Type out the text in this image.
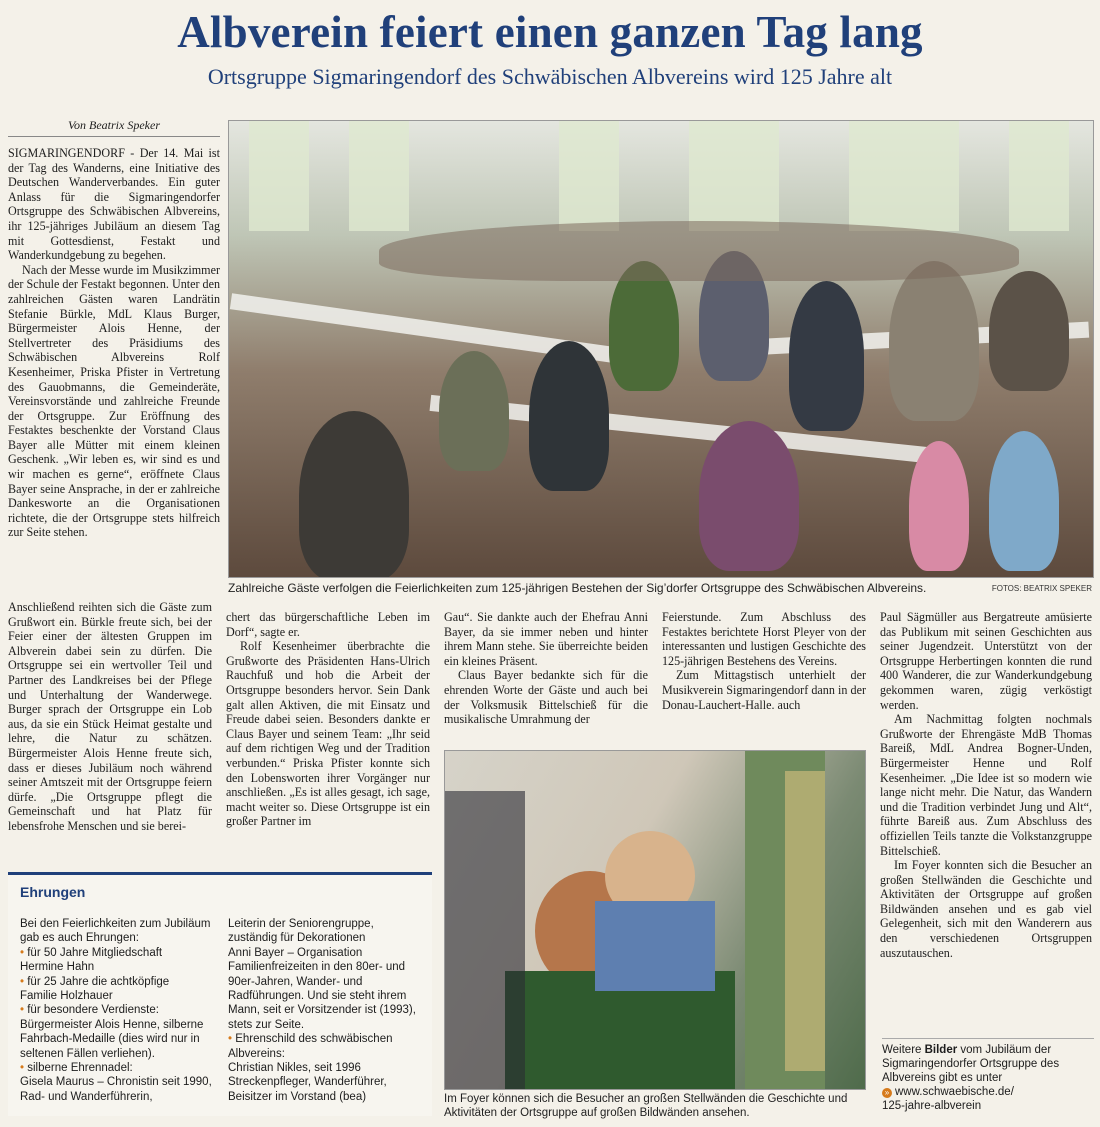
Albverein feiert einen ganzen Tag lang
Ortsgruppe Sigmaringendorf des Schwäbischen Albvereins wird 125 Jahre alt
Von Beatrix Speker

SIGMARINGENDORF - Der 14. Mai ist der Tag des Wanderns, eine Initiative des Deutschen Wanderverbandes. Ein guter Anlass für die Sigmaringendorfer Ortsgruppe des Schwäbischen Albvereins, ihr 125-jähriges Jubiläum an diesem Tag mit Gottesdienst, Festakt und Wanderkundgebung zu begehen.

Nach der Messe wurde im Musikzimmer der Schule der Festakt begonnen. Unter den zahlreichen Gästen waren Landrätin Stefanie Bürkle, MdL Klaus Burger, Bürgermeister Alois Henne, der Stellvertreter des Präsidiums des Schwäbischen Albvereins Rolf Kesenheimer, Priska Pfister in Vertretung des Gauobmanns, die Gemeinderäte, Vereinsvorstände und zahlreiche Freunde der Ortsgruppe. Zur Eröffnung des Festaktes beschenkte der Vorstand Claus Bayer alle Mütter mit einem kleinen Geschenk. „Wir leben es, wir sind es und wir machen es gerne“, eröffnete Claus Bayer seine Ansprache, in der er zahlreiche Dankesworte an die Organisationen richtete, die der Ortsgruppe stets hilfreich zur Seite stehen.

Zahlreiche Gäste verfolgen die Feierlichkeiten zum 125-jährigen Bestehen der Sig’dorfer Ortsgruppe des Schwäbischen Albvereins.	FOTOS: BEATRIX SPEKER

Anschließend reihten sich die Gäste zum Grußwort ein. Bürkle freute sich, bei der Feier einer der ältesten Gruppen im Albverein dabei sein zu dürfen. Die Ortsgruppe sei ein wertvoller Teil und Partner des Landkreises bei der Pflege und Unterhaltung der Wanderwege. Burger sprach der Ortsgruppe ein Lob aus, da sie ein Stück Heimat gestalte und lehre, die Natur zu schätzen. Bürgermeister Alois Henne freute sich, dass er dieses Jubiläum noch während seiner Amtszeit mit der Ortsgruppe feiern dürfe. „Die Ortsgruppe pflegt die Gemeinschaft und hat Platz für lebensfrohe Menschen und sie berei-

chert das bürgerschaftliche Leben im Dorf“, sagte er.

Rolf Kesenheimer überbrachte die Grußworte des Präsidenten Hans-Ulrich Rauchfuß und hob die Arbeit der Ortsgruppe besonders hervor. Sein Dank galt allen Aktiven, die mit Einsatz und Freude dabei seien. Besonders dankte er Claus Bayer und seinem Team: „Ihr seid auf dem richtigen Weg und der Tradition verbunden.“ Priska Pfister konnte sich den Lobensworten ihrer Vorgänger nur anschließen. „Es ist alles gesagt, ich sage, macht weiter so. Diese Ortsgruppe ist ein großer Partner im

Gau“. Sie dankte auch der Ehefrau Anni Bayer, da sie immer neben und hinter ihrem Mann stehe. Sie überreichte beiden ein kleines Präsent.

Claus Bayer bedankte sich für die ehrenden Worte der Gäste und auch bei der Volksmusik Bittelschieß für die musikalische Umrahmung der

Feierstunde. Zum Abschluss des Festaktes berichtete Horst Pleyer von der interessanten und lustigen Geschichte des 125-jährigen Bestehens des Vereins.

Zum Mittagstisch unterhielt der Musikverein Sigmaringendorf dann in der Donau-Lauchert-Halle. auch

Paul Sägmüller aus Bergatreute amüsierte das Publikum mit seinen Geschichten aus seiner Jugendzeit. Unterstützt von der Ortsgruppe Herbertingen konnten die rund 400 Wanderer, die zur Wanderkundgebung gekommen waren, zügig verköstigt werden.

Am Nachmittag folgten nochmals Grußworte der Ehrengäste MdB Thomas Bareiß, MdL Andrea Bogner-Unden, Bürgermeister Henne und Rolf Kesenheimer. „Die Idee ist so modern wie lange nicht mehr. Die Natur, das Wandern und die Tradition verbindet Jung und Alt“, führte Bareiß aus. Zum Abschluss des offiziellen Teils tanzte die Volkstanzgruppe Bittelschieß.

Im Foyer konnten sich die Besucher an großen Stellwänden die Geschichte und Aktivitäten der Ortsgruppe auf großen Bildwänden ansehen und es gab viel Gelegenheit, sich mit den Wanderern aus den verschiedenen Ortsgruppen auszutauschen.

Im Foyer können sich die Besucher an großen Stellwänden die Geschichte und Aktivitäten der Ortsgruppe auf großen Bildwänden ansehen.
Ehrungen
Bei den Feierlichkeiten zum Jubiläum gab es auch Ehrungen:
• für 50 Jahre Mitgliedschaft
Hermine Hahn
• für 25 Jahre die achtköpfige
Familie Holzhauer
• für besondere Verdienste:
Bürgermeister Alois Henne, silberne Fahrbach-Medaille (dies wird nur in seltenen Fällen verliehen).
• silberne Ehrennadel:
Gisela Maurus – Chronistin seit 1990, Rad- und Wanderführerin,
Leiterin der Seniorengruppe, zuständig für Dekorationen
Anni Bayer – Organisation Familienfreizeiten in den 80er- und 90er-Jahren, Wander- und Radführungen. Und sie steht ihrem Mann, seit er Vorsitzender ist (1993), stets zur Seite.
• Ehrenschild des schwäbischen Albvereins:
Christian Nikles, seit 1996 Streckenpfleger, Wanderführer, Beisitzer im Vorstand (bea)
Weitere Bilder vom Jubiläum der Sigmaringendorfer Ortsgruppe des Albvereins gibt es unter
» www.schwaebische.de/
125-jahre-albverein
